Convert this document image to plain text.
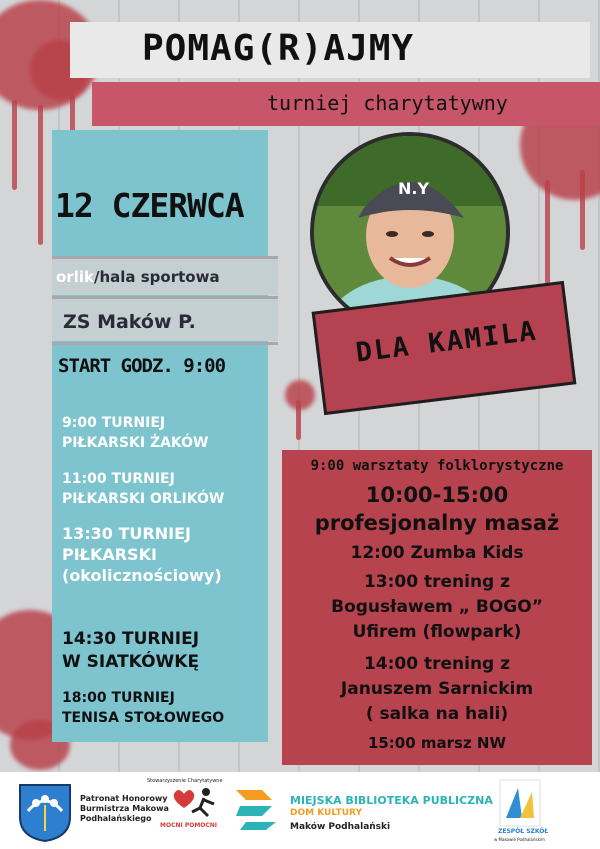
POMAG(R)AJMY
turniej charytatywny
12 CZERWCA
orlik/hala sportowa
ZS Maków P.
START GODZ. 9:00
9:00 TURNIEJ
PIŁKARSKI ŻAKÓW
11:00 TURNIEJ
PIŁKARSKI ORLIKÓW
13:30 TURNIEJ
PIŁKARSKI
(okolicznościowy)
14:30 TURNIEJ
W SIATKÓWKĘ
18:00 TURNIEJ
TENISA STOŁOWEGO
N.Y
DLA KAMILA
9:00 warsztaty folklorystyczne
10:00-15:00
profesjonalny masaż
12:00 Zumba Kids
13:00 trening z
Bogusławem „ BOGO”
Ufirem (flowpark)
14:00 trening z
Januszem Sarnickim
( salka na hali)
15:00 marsz NW
Patronat Honorowy
Burmistrza Makowa
Podhalańskiego
Stowarzyszenie Charytatywne
MOCNI POMOCNI
MIEJSKA BIBLIOTEKA PUBLICZNA
DOM KULTURY
Maków Podhalański	ZESPÓŁ SZKÓŁ
w Makowie Podhalańskim
